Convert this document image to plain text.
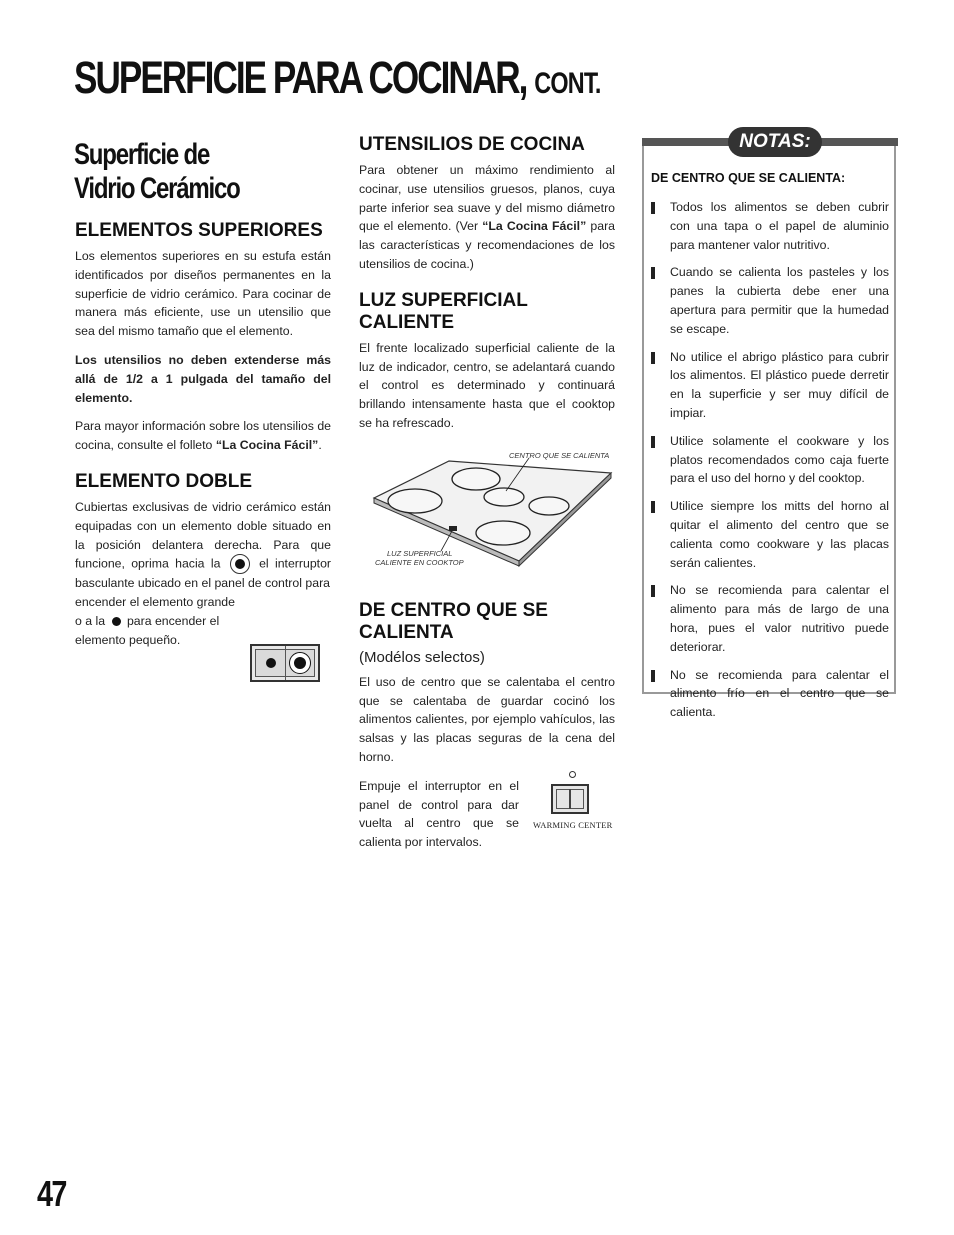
SUPERFICIE PARA COCINAR, CONT.
Superficie de
Vidrio Cerámico
ELEMENTOS SUPERIORES

Los elementos superiores en su estufa están identificados por diseños permanentes en la superficie de vidrio cerámico. Para cocinar de manera más eficiente, use un utensilio que sea del mismo tamaño que el elemento.

Los utensilios no deben extenderse más allá de 1/2 a 1 pulgada del tamaño del elemento.

Para mayor información sobre los utensilios de cocina, consulte el folleto “La Cocina Fácil”.

ELEMENTO DOBLE

Cubiertas exclusivas de vidrio cerámico están equipadas con un elemento doble situado en la posición delantera derecha. Para que funcione, oprima hacia la	el interruptor basculante ubicado en el panel de control para

encender el elemento grande o a la para encender el elemento pequeño.

UTENSILIOS DE COCINA

Para obtener un máximo rendimiento al cocinar, use utensilios gruesos, planos, cuya parte inferior sea suave y del mismo diámetro que el elemento. (Ver “La Cocina Fácil” para las características y recomendaciones de los utensilios de cocina.)

LUZ SUPERFICIAL CALIENTE

El frente localizado superficial caliente de la luz de indicador, centro, se adelantará cuando el control es determinado y continuará brillando intensamente hasta que el cooktop se ha refrescado.

CENTRO QUE SE CALIENTA
LUZ SUPERFICIAL
CALIENTE EN COOKTOP
DE CENTRO QUE SE CALIENTA
(Modélos selectos)

El uso de centro que se calentaba el centro que se calentaba de guardar cocinó los alimentos calientes, por ejemplo vahículos, las salsas y las placas seguras de la cena del horno.

Empuje el interruptor en el panel de control para dar vuelta al centro que se calienta por intervalos.

WARMING CENTER
NOTAS:
DE CENTRO QUE SE CALIENTA:
Todos los alimentos se deben cubrir con una tapa o el papel de aluminio para mantener valor nutritivo.
Cuando se calienta los pasteles y los panes la cubierta debe ener una apertura para permitir que la humedad se escape.
No utilice el abrigo plástico para cubrir los alimentos. El plástico puede derretir en la superficie y ser muy difícil de impiar.
Utilice solamente el cookware y los platos recomendados como caja fuerte para el uso del horno y del cooktop.
Utilice siempre los mitts del horno al quitar el alimento del centro que se calienta como cookware y las placas serán calientes.
No se recomienda para calentar el alimento para más de largo de una hora, pues el valor nutritivo puede deteriorar.
No se recomienda para calentar el alimento frío en el centro que se calienta.
47
